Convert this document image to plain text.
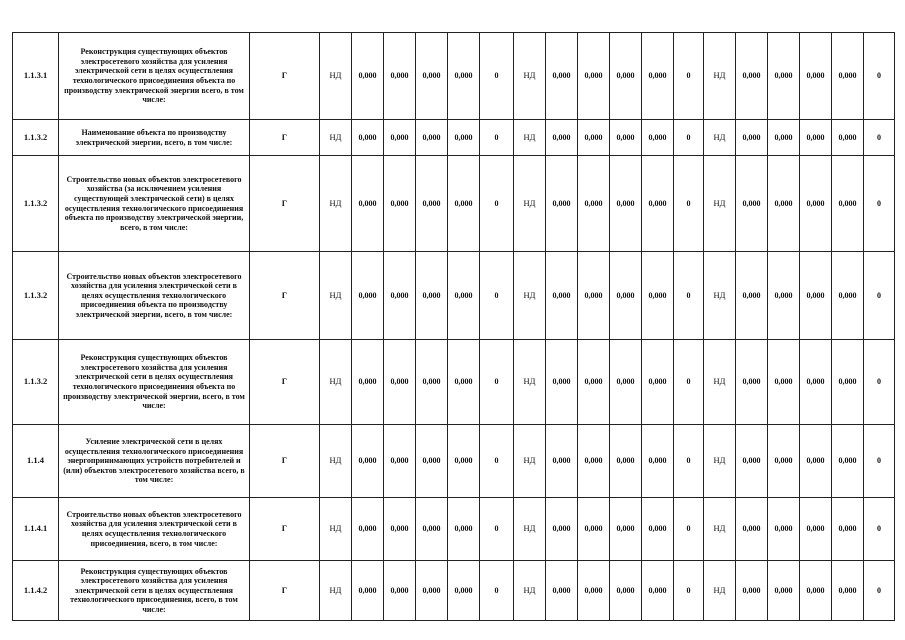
1.1.3.1	Реконструкция существующих объектов электросетевого хозяйства для усиления электрической сети в целях осуществления технологического присоединения объекта по производству электрической энергии всего, в том числе:	Г	НД	0,000	0,000	0,000	0,000	0	НД	0,000	0,000	0,000	0,000	0	НД	0,000	0,000	0,000	0,000	0
1.1.3.2	Наименование объекта по производству электрической энергии, всего, в том числе:	Г	НД	0,000	0,000	0,000	0,000	0	НД	0,000	0,000	0,000	0,000	0	НД	0,000	0,000	0,000	0,000	0
1.1.3.2	Строительство новых объектов электросетевого хозяйства (за исключением усиления существующей электрической сети) в целях осуществления технологического присоединения объекта по производству электрической энергии, всего, в том числе:	Г	НД	0,000	0,000	0,000	0,000	0	НД	0,000	0,000	0,000	0,000	0	НД	0,000	0,000	0,000	0,000	0
1.1.3.2	Строительство новых объектов электросетевого хозяйства для усиления электрической сети в целях осуществления технологического присоединения объекта по производству электрической энергии, всего, в том числе:	Г	НД	0,000	0,000	0,000	0,000	0	НД	0,000	0,000	0,000	0,000	0	НД	0,000	0,000	0,000	0,000	0
1.1.3.2	Реконструкция существующих объектов электросетевого хозяйства для усиления электрической сети в целях осуществления технологического присоединения объекта по производству электрической энергии, всего, в том числе:	Г	НД	0,000	0,000	0,000	0,000	0	НД	0,000	0,000	0,000	0,000	0	НД	0,000	0,000	0,000	0,000	0
1.1.4	Усиление электрической сети в целях осуществления технологического присоединения энергопринимающих устройств потребителей и (или) объектов электросетевого хозяйства всего, в том числе:	Г	НД	0,000	0,000	0,000	0,000	0	НД	0,000	0,000	0,000	0,000	0	НД	0,000	0,000	0,000	0,000	0
1.1.4.1	Строительство новых объектов электросетевого хозяйства для усиления электрической сети в целях осуществления технологического присоединения, всего, в том числе:	Г	НД	0,000	0,000	0,000	0,000	0	НД	0,000	0,000	0,000	0,000	0	НД	0,000	0,000	0,000	0,000	0
1.1.4.2	Реконструкция существующих объектов электросетевого хозяйства для усиления электрической сети в целях осуществления технологического присоединения, всего, в том числе:	Г	НД	0,000	0,000	0,000	0,000	0	НД	0,000	0,000	0,000	0,000	0	НД	0,000	0,000	0,000	0,000	0
